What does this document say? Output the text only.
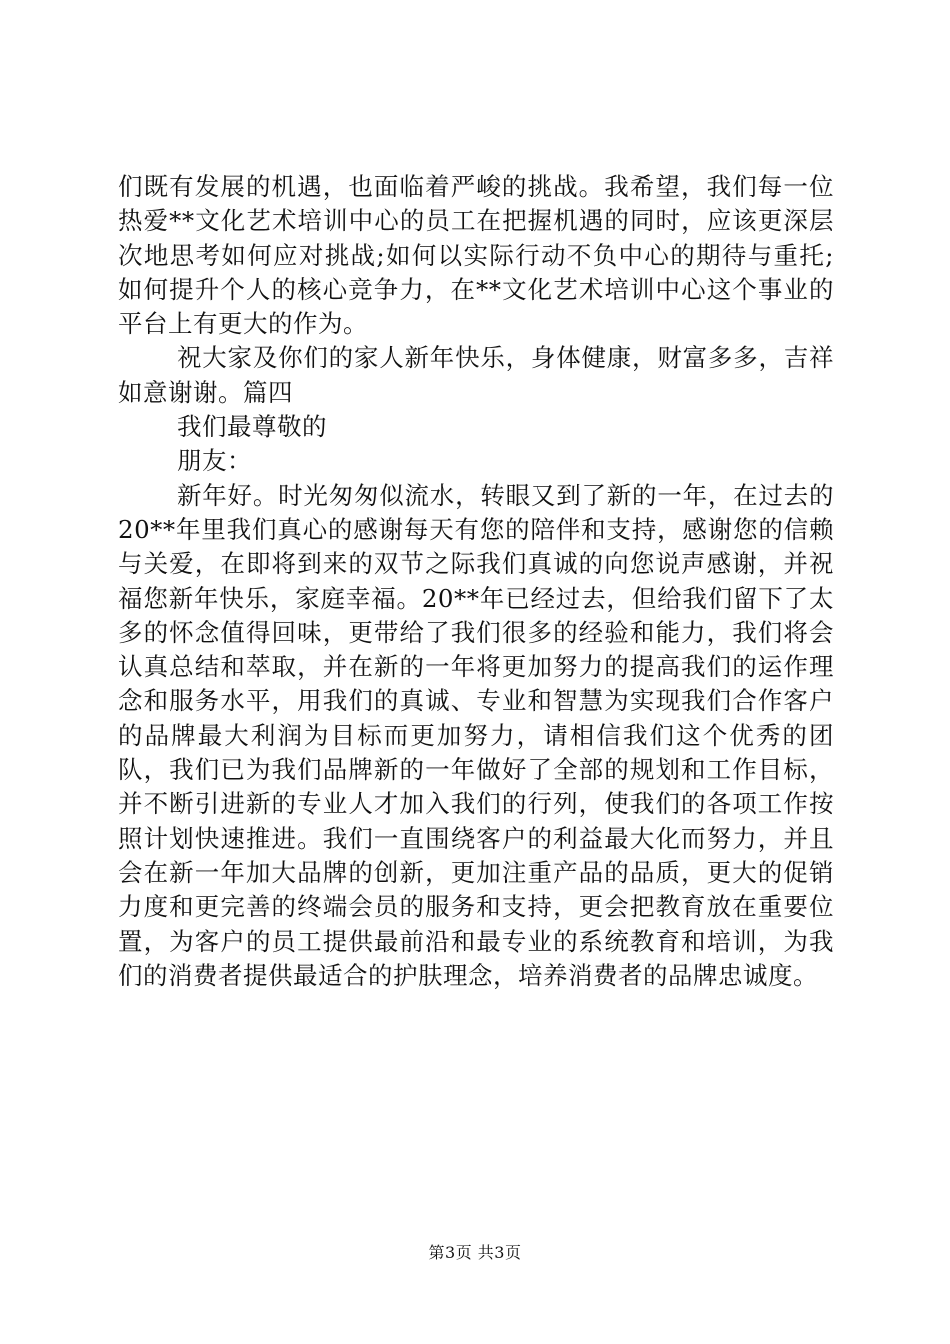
们既有发展的机遇，也面临着严峻的挑战。我希望，我们每一位热爱**文化艺术培训中心的员工在把握机遇的同时，应该更深层次地思考如何应对挑战;如何以实际行动不负中心的期待与重托;如何提升个人的核心竞争力，在**文化艺术培训中心这个事业的平台上有更大的作为。

祝大家及你们的家人新年快乐，身体健康，财富多多，吉祥如意谢谢。篇四

我们最尊敬的

朋友：

新年好。时光匆匆似流水，转眼又到了新的一年，在过去的20**年里我们真心的感谢每天有您的陪伴和支持，感谢您的信赖与关爱，在即将到来的双节之际我们真诚的向您说声感谢，并祝福您新年快乐，家庭幸福。20**年已经过去，但给我们留下了太多的怀念值得回味，更带给了我们很多的经验和能力，我们将会认真总结和萃取，并在新的一年将更加努力的提高我们的运作理念和服务水平，用我们的真诚、专业和智慧为实现我们合作客户的品牌最大利润为目标而更加努力，请相信我们这个优秀的团队，我们已为我们品牌新的一年做好了全部的规划和工作目标，并不断引进新的专业人才加入我们的行列，使我们的各项工作按照计划快速推进。我们一直围绕客户的利益最大化而努力，并且会在新一年加大品牌的创新，更加注重产品的品质，更大的促销力度和更完善的终端会员的服务和支持，更会把教育放在重要位置，为客户的员工提供最前沿和最专业的系统教育和培训，为我们的消费者提供最适合的护肤理念，培养消费者的品牌忠诚度。

第3页 共3页
